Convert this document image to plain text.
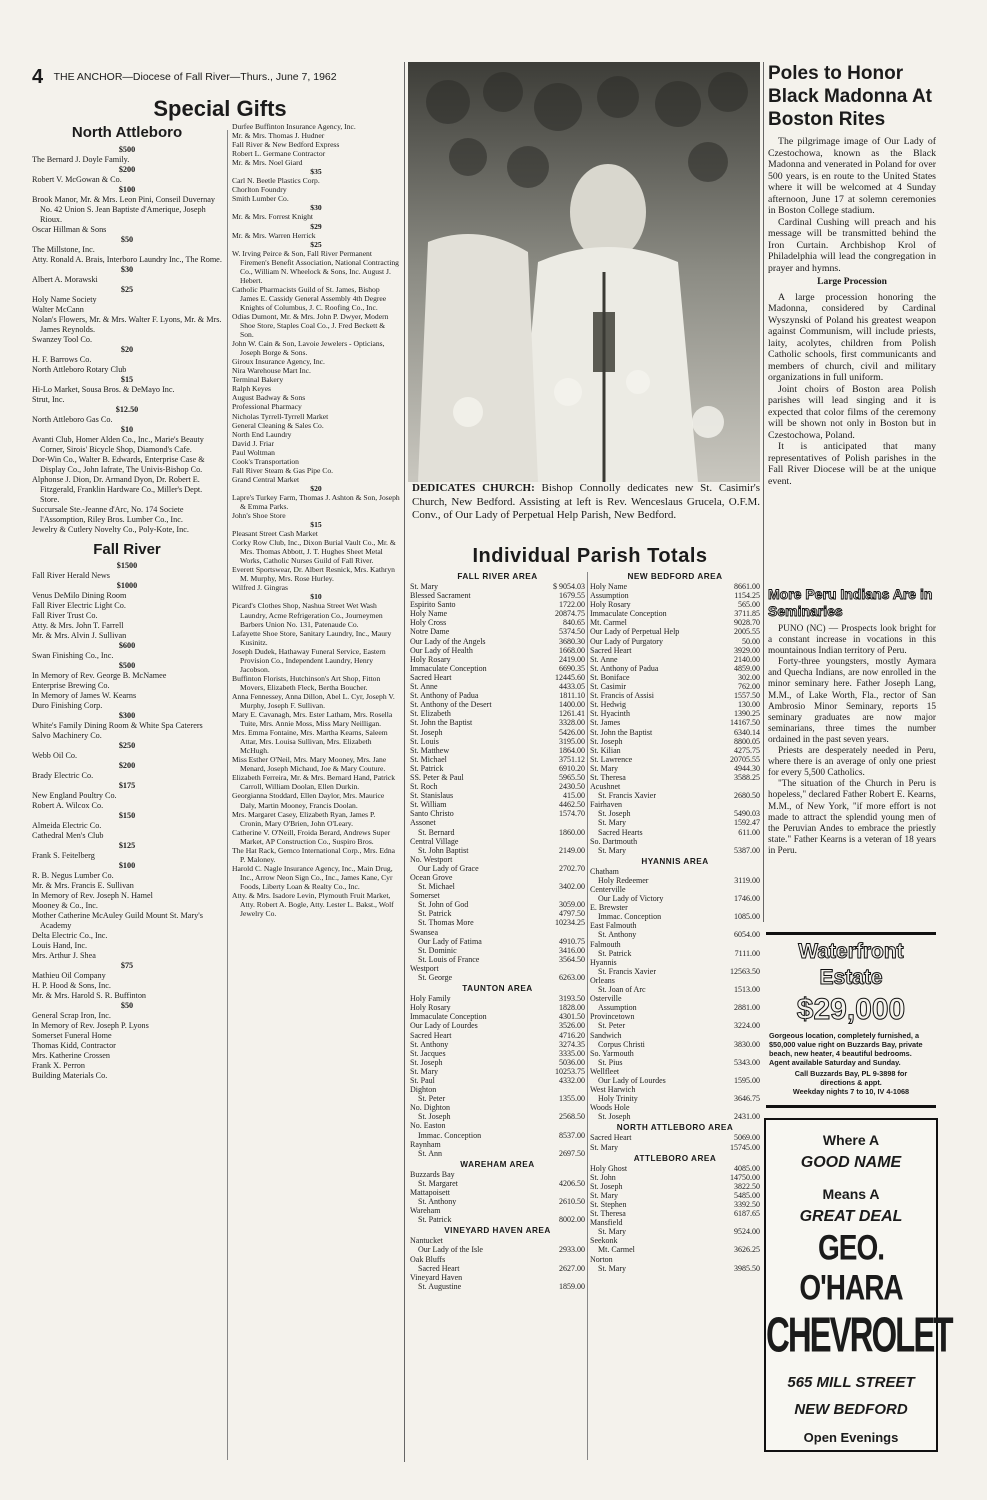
4 THE ANCHOR—Diocese of Fall River—Thurs., June 7, 1962
Special Gifts
North Attleboro
$500
The Bernard J. Doyle Family.
$200
Robert V. McGowan & Co.
$100
Brook Manor, Mr. & Mrs. Leon Pini, Conseil Duvernay No. 42 Union S. Jean Baptiste d'Amerique, Joseph Rioux.
Oscar Hillman & Sons
$50
The Millstone, Inc.
Atty. Ronald A. Brais, Interboro Laundry Inc., The Rome.
$30
Albert A. Morawski
$25
Holy Name Society
Walter McCann
Nolan's Flowers, Mr. & Mrs. Walter F. Lyons, Mr. & Mrs. James Reynolds.
Swanzey Tool Co.
$20
H. F. Barrows Co.
North Attleboro Rotary Club
$15
Hi-Lo Market, Sousa Bros. & DeMayo Inc.
Strut, Inc.
$12.50
North Attleboro Gas Co.
$10
Avanti Club, Homer Alden Co., Inc., Marie's Beauty Corner, Sirois' Bicycle Shop, Diamond's Cafe.
Dor-Win Co., Walter B. Edwards, Enterprise Case & Display Co., John Iafrate, The Univis-Bishop Co.
Alphonse J. Dion, Dr. Armand Dyon, Dr. Robert E. Fitzgerald, Franklin Hardware Co., Miller's Dept. Store.
Succursale Ste.-Jeanne d'Arc, No. 174 Societe l'Assomption, Riley Bros. Lumber Co., Inc.
Jewelry & Cutlery Novelty Co., Poly-Kote, Inc.
Fall River
$1500
Fall River Herald News
$1000
Venus DeMilo Dining Room
Fall River Electric Light Co.
Fall River Trust Co.
Atty. & Mrs. John T. Farrell
Mr. & Mrs. Alvin J. Sullivan
$600
Swan Finishing Co., Inc.
$500
In Memory of Rev. George B. McNamee
Enterprise Brewing Co.
In Memory of James W. Kearns
Duro Finishing Corp.
$300
White's Family Dining Room & White Spa Caterers
Salvo Machinery Co.
$250
Webb Oil Co.
$200
Brady Electric Co.
$175
New England Poultry Co.
Robert A. Wilcox Co.
$150
Almeida Electric Co.
Cathedral Men's Club
$125
Frank S. Feitelberg
$100
R. B. Negus Lumber Co.
Mr. & Mrs. Francis E. Sullivan
In Memory of Rev. Joseph N. Hamel
Mooney & Co., Inc.
Mother Catherine McAuley Guild Mount St. Mary's Academy
Delta Electric Co., Inc.
Louis Hand, Inc.
Mrs. Arthur J. Shea
$75
Mathieu Oil Company
H. P. Hood & Sons, Inc.
Mr. & Mrs. Harold S. R. Buffinton
$50
General Scrap Iron, Inc.
In Memory of Rev. Joseph P. Lyons
Somerset Funeral Home
Thomas Kidd, Contractor
Mrs. Katherine Crossen
Frank X. Perron
Building Materials Co.
Durfee Buffinton Insurance Agency, Inc.
Mr. & Mrs. Thomas J. Hudner
Fall River & New Bedford Express
Robert L. Germane Contractor
Mr. & Mrs. Noel Giard
$35
Carl N. Beetle Plastics Corp.
Chorlton Foundry
Smith Lumber Co.
$30
Mr. & Mrs. Forrest Knight
$29
Mr. & Mrs. Warren Herrick
$25
W. Irving Peirce & Son, Fall River Permanent Firemen's Benefit Association, National Contracting Co., William N. Wheelock & Sons, Inc. August J. Hebert.
Catholic Pharmacists Guild of St. James, Bishop James E. Cassidy General Assembly 4th Degree Knights of Columbus, J. C. Roofing Co., Inc.
Odias Dumont, Mr. & Mrs. John P. Dwyer, Modern Shoe Store, Staples Coal Co., J. Fred Beckett & Son.
John W. Cain & Son, Lavoie Jewelers - Opticians, Joseph Borge & Sons.
Giroux Insurance Agency, Inc.
Nira Warehouse Mart Inc.
Terminal Bakery
Ralph Keyes
August Badway & Sons
Professional Pharmacy
Nicholas Tyrrell-Tyrrell Market
General Cleaning & Sales Co.
North End Laundry
David J. Friar
Paul Woltman
Cook's Transportation
Fall River Steam & Gas Pipe Co.
Grand Central Market
$20
Lapre's Turkey Farm, Thomas J. Ashton & Son, Joseph & Emma Parks.
John's Shoe Store
$15
Pleasant Street Cash Market
Corky Row Club, Inc., Dixon Burial Vault Co., Mr. & Mrs. Thomas Abbott, J. T. Hughes Sheet Metal Works, Catholic Nurses Guild of Fall River.
Everett Sportswear, Dr. Albert Resnick, Mrs. Kathryn M. Murphy, Mrs. Rose Hurley.
Wilfred J. Gingras
$10
Picard's Clothes Shop, Nashua Street Wet Wash Laundry, Acme Refrigeration Co., Journeymen Barbers Union No. 131, Patenaude Co.
Lafayette Shoe Store, Sanitary Laundry, Inc., Maury Kusinitz.
Joseph Dudek, Hathaway Funeral Service, Eastern Provision Co., Independent Laundry, Henry Jacobson.
Buffinton Florists, Hutchinson's Art Shop, Fitton Movers, Elizabeth Fleck, Bertha Boucher.
Anna Fennessey, Anna Dillon, Abel L. Cyr, Joseph V. Murphy, Joseph F. Sullivan.
Mary E. Cavanagh, Mrs. Ester Latham, Mrs. Rosella Tuite, Mrs. Annie Moss, Miss Mary Neilligan.
Mrs. Emma Fontaine, Mrs. Martha Kearns, Saleem Attar, Mrs. Louisa Sullivan, Mrs. Elizabeth McHugh.
Miss Esther O'Neil, Mrs. Mary Mooney, Mrs. Jane Menard, Joseph Michaud, Joe & Mary Couture.
Elizabeth Ferreira, Mr. & Mrs. Bernard Hand, Patrick Carroll, William Doolan, Ellen Durkin.
Georgianna Stoddard, Ellen Daylor, Mrs. Maurice Daly, Martin Mooney, Francis Doolan.
Mrs. Margaret Casey, Elizabeth Ryan, James P. Cronin, Mary O'Brien, John O'Leary.
Catherine V. O'Neill, Froida Berard, Andrews Super Market, AP Construction Co., Suspiro Bros.
The Hat Rack, Gemco International Corp., Mrs. Edna P. Maloney.
Harold C. Nagle Insurance Agency, Inc., Main Drug, Inc., Arrow Neon Sign Co., Inc., James Kane, Cyr Foods, Liberty Loan & Realty Co., Inc.
Atty. & Mrs. Isadore Levin, Plymouth Fruit Market, Atty. Robert A. Bogle, Atty. Lester L. Bakst., Wolf Jewelry Co.
DEDICATES CHURCH: Bishop Connolly dedicates new St. Casimir's Church, New Bedford. Assisting at left is Rev. Wenceslaus Grucela, O.F.M. Conv., of Our Lady of Perpetual Help Parish, New Bedford.
Individual Parish Totals
FALL RIVER AREA
St. Mary	$ 9054.03
Blessed Sacrament	1679.55
Espirito Santo	1722.00
Holy Name	20874.75
Holy Cross	840.65
Notre Dame	5374.50
Our Lady of the Angels	3680.30
Our Lady of Health	1668.00
Holy Rosary	2419.00
Immaculate Conception	6690.35
Sacred Heart	12445.60
St. Anne	4433.05
St. Anthony of Padua	1811.10
St. Anthony of the Desert	1400.00
St. Elizabeth	1261.41
St. John the Baptist	3328.00
St. Joseph	5426.00
St. Louis	3195.00
St. Matthew	1864.00
St. Michael	3751.12
St. Patrick	6910.20
SS. Peter & Paul	5965.50
St. Roch	2430.50
St. Stanislaus	415.00
St. William	4462.50
Santo Christo	1574.70
Assonet	
St. Bernard	1860.00
Central Village	
St. John Baptist	2149.00
No. Westport	
Our Lady of Grace	2702.70
Ocean Grove	
St. Michael	3402.00
Somerset	
St. John of God	3059.00
St. Patrick	4797.50
St. Thomas More	10234.25
Swansea	
Our Lady of Fatima	4910.75
St. Dominic	3416.00
St. Louis of France	3564.50
Westport	
St. George	6263.00
TAUNTON AREA
Holy Family	3193.50
Holy Rosary	1828.00
Immaculate Conception	4301.50
Our Lady of Lourdes	3526.00
Sacred Heart	4716.20
St. Anthony	3274.35
St. Jacques	3335.00
St. Joseph	5036.00
St. Mary	10253.75
St. Paul	4332.00
Dighton	
St. Peter	1355.00
No. Dighton	
St. Joseph	2568.50
No. Easton	
Immac. Conception	8537.00
Raynham	
St. Ann	2697.50
WAREHAM AREA
Buzzards Bay	
St. Margaret	4206.50
Mattapoisett	
St. Anthony	2610.50
Wareham	
St. Patrick	8002.00
VINEYARD HAVEN AREA
Nantucket	
Our Lady of the Isle	2933.00
Oak Bluffs	
Sacred Heart	2627.00
Vineyard Haven	
St. Augustine	1859.00
NEW BEDFORD AREA
Holy Name	8661.00
Assumption	1154.25
Holy Rosary	565.00
Immaculate Conception	3711.85
Mt. Carmel	9028.70
Our Lady of Perpetual Help	2005.55
Our Lady of Purgatory	50.00
Sacred Heart	3929.00
St. Anne	2140.00
St. Anthony of Padua	4859.00
St. Boniface	302.00
St. Casimir	762.00
St. Francis of Assisi	1557.50
St. Hedwig	130.00
St. Hyacinth	1390.25
St. James	14167.50
St. John the Baptist	6340.14
St. Joseph	8800.05
St. Kilian	4275.75
St. Lawrence	20705.55
St. Mary	4944.30
St. Theresa	3588.25
Acushnet	
St. Francis Xavier	2680.50
Fairhaven	
St. Joseph	5490.03
St. Mary	1592.47
Sacred Hearts	611.00
So. Dartmouth	
St. Mary	5387.00
HYANNIS AREA
Chatham	
Holy Redeemer	3119.00
Centerville	
Our Lady of Victory	1746.00
E. Brewster	
Immac. Conception	1085.00
East Falmouth	
St. Anthony	6054.00
Falmouth	
St. Patrick	7111.00
Hyannis	
St. Francis Xavier	12563.50
Orleans	
St. Joan of Arc	1513.00
Osterville	
Assumption	2881.00
Provincetown	
St. Peter	3224.00
Sandwich	
Corpus Christi	3830.00
So. Yarmouth	
St. Pius	5343.00
Wellfleet	
Our Lady of Lourdes	1595.00
West Harwich	
Holy Trinity	3646.75
Woods Hole	
St. Joseph	2431.00
NORTH ATTLEBORO AREA
Sacred Heart	5069.00
St. Mary	15745.00
ATTLEBORO AREA
Holy Ghost	4085.00
St. John	14750.00
St. Joseph	3822.50
St. Mary	5485.00
St. Stephen	3392.50
St. Theresa	6187.65
Mansfield	
St. Mary	9524.00
Seekonk	
Mt. Carmel	3626.25
Norton	
St. Mary	3985.50
Poles to Honor Black Madonna At Boston Rites

The pilgrimage image of Our Lady of Czestochowa, known as the Black Madonna and venerated in Poland for over 500 years, is en route to the United States where it will be welcomed at 4 Sunday afternoon, June 17 at solemn ceremonies in Boston College stadium.

Cardinal Cushing will preach and his message will be transmitted behind the Iron Curtain. Archbishop Krol of Philadelphia will lead the congregation in prayer and hymns.

Large Procession

A large procession honoring the Madonna, considered by Cardinal Wyszynski of Poland his greatest weapon against Communism, will include priests, laity, acolytes, children from Polish Catholic schools, first communicants and members of church, civil and military organizations in full uniform.

Joint choirs of Boston area Polish parishes will lead singing and it is expected that color films of the ceremony will be shown not only in Boston but in Czestochowa, Poland.

It is anticipated that many representatives of Polish parishes in the Fall River Diocese will be at the unique event.

More Peru Indians Are in Seminaries

PUNO (NC) — Prospects look bright for a constant increase in vocations in this mountainous Indian territory of Peru.

Forty-three youngsters, mostly Aymara and Quecha Indians, are now enrolled in the minor seminary here. Father Joseph Lang, M.M., of Lake Worth, Fla., rector of San Ambrosio Minor Seminary, reports 15 seminary graduates are now major seminarians, three times the number ordained in the past seven years.

Priests are desperately needed in Peru, where there is an average of only one priest for every 5,500 Catholics.

"The situation of the Church in Peru is hopeless," declared Father Robert E. Kearns, M.M., of New York, "if more effort is not made to attract the splendid young men of the Peruvian Andes to embrace the priestly state." Father Kearns is a veteran of 18 years in Peru.

Waterfront Estate
$29,000
Gorgeous location, completely furnished, a $50,000 value right on Buzzards Bay, private beach, new heater, 4 beautiful bedrooms. Agent available Saturday and Sunday.
Call Buzzards Bay, PL 9-3898 for directions & appt.
Weekday nights 7 to 10, IV 4-1068
Where A
GOOD NAME
Means A
GREAT DEAL
GEO. O'HARA
CHEVROLET
565 MILL STREET
NEW BEDFORD
Open Evenings
